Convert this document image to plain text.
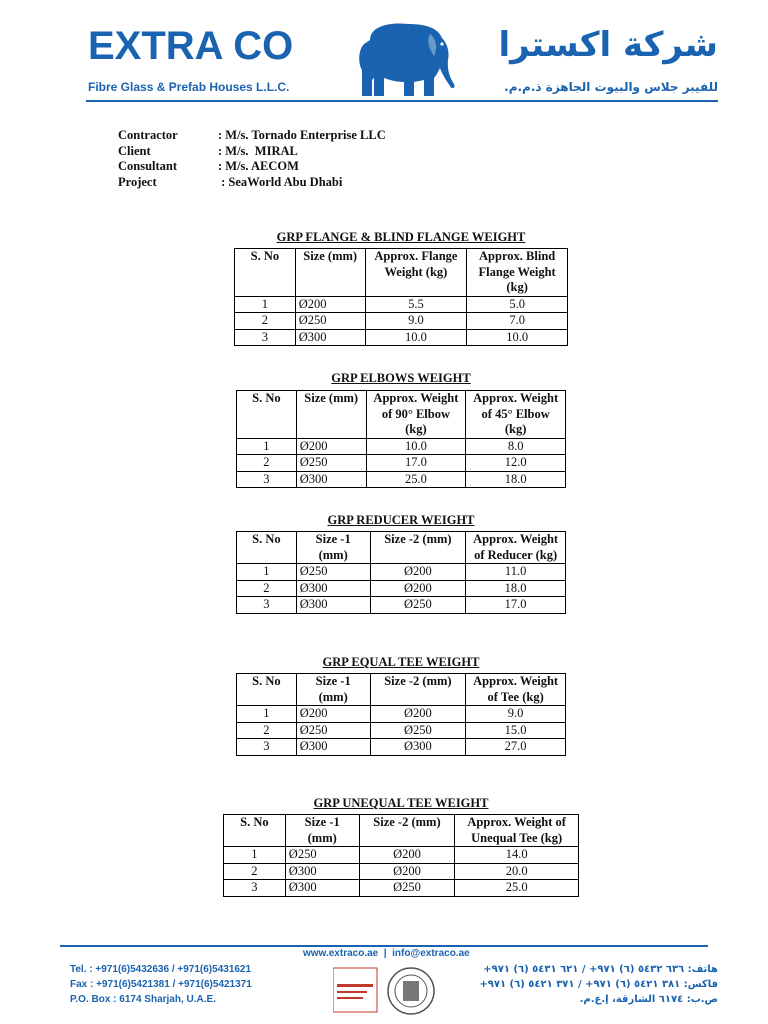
EXTRA CO
Fibre Glass & Prefab Houses L.L.C.
شركة اكسترا
للفيبر جلاس والبيوت الجاهزة ذ.م.م.
Contractor	: M/s. Tornado Enterprise LLC
Client	: M/s.  MIRAL
Consultant	: M/s. AECOM
Project	: SeaWorld Abu Dhabi
GRP FLANGE & BLIND FLANGE WEIGHT
S. No	Size (mm)	Approx. Flange Weight (kg)	Approx. Blind Flange Weight (kg)
1	Ø200	5.5	5.0
2	Ø250	9.0	7.0
3	Ø300	10.0	10.0
GRP ELBOWS WEIGHT
S. No	Size (mm)	Approx. Weight of 90° Elbow (kg)	Approx. Weight of 45° Elbow (kg)
1	Ø200	10.0	8.0
2	Ø250	17.0	12.0
3	Ø300	25.0	18.0
GRP REDUCER WEIGHT
S. No	Size -1 (mm)	Size -2 (mm)	Approx. Weight of Reducer (kg)
1	Ø250	Ø200	11.0
2	Ø300	Ø200	18.0
3	Ø300	Ø250	17.0
GRP EQUAL TEE WEIGHT
S. No	Size -1 (mm)	Size -2 (mm)	Approx. Weight of Tee (kg)
1	Ø200	Ø200	9.0
2	Ø250	Ø250	15.0
3	Ø300	Ø300	27.0
GRP UNEQUAL TEE WEIGHT
S. No	Size -1 (mm)	Size -2 (mm)	Approx. Weight of Unequal Tee (kg)
1	Ø250	Ø200	14.0
2	Ø300	Ø200	20.0
3	Ø300	Ø250	25.0
www.extraco.ae  |  info@extraco.ae
Tel. : +971(6)5432636 / +971(6)5431621
Fax : +971(6)5421381 / +971(6)5421371
P.O. Box : 6174 Sharjah, U.A.E.
هاتف: ٦٣٦ ٥٤٣٢ (٦) ٩٧١+ / ٦٢١ ٥٤٣١ (٦) ٩٧١+
فاكس: ٣٨١ ٥٤٢١ (٦) ٩٧١+ / ٣٧١ ٥٤٢١ (٦) ٩٧١+
ص.ب: ٦١٧٤ الشارقة، إ.ع.م.
